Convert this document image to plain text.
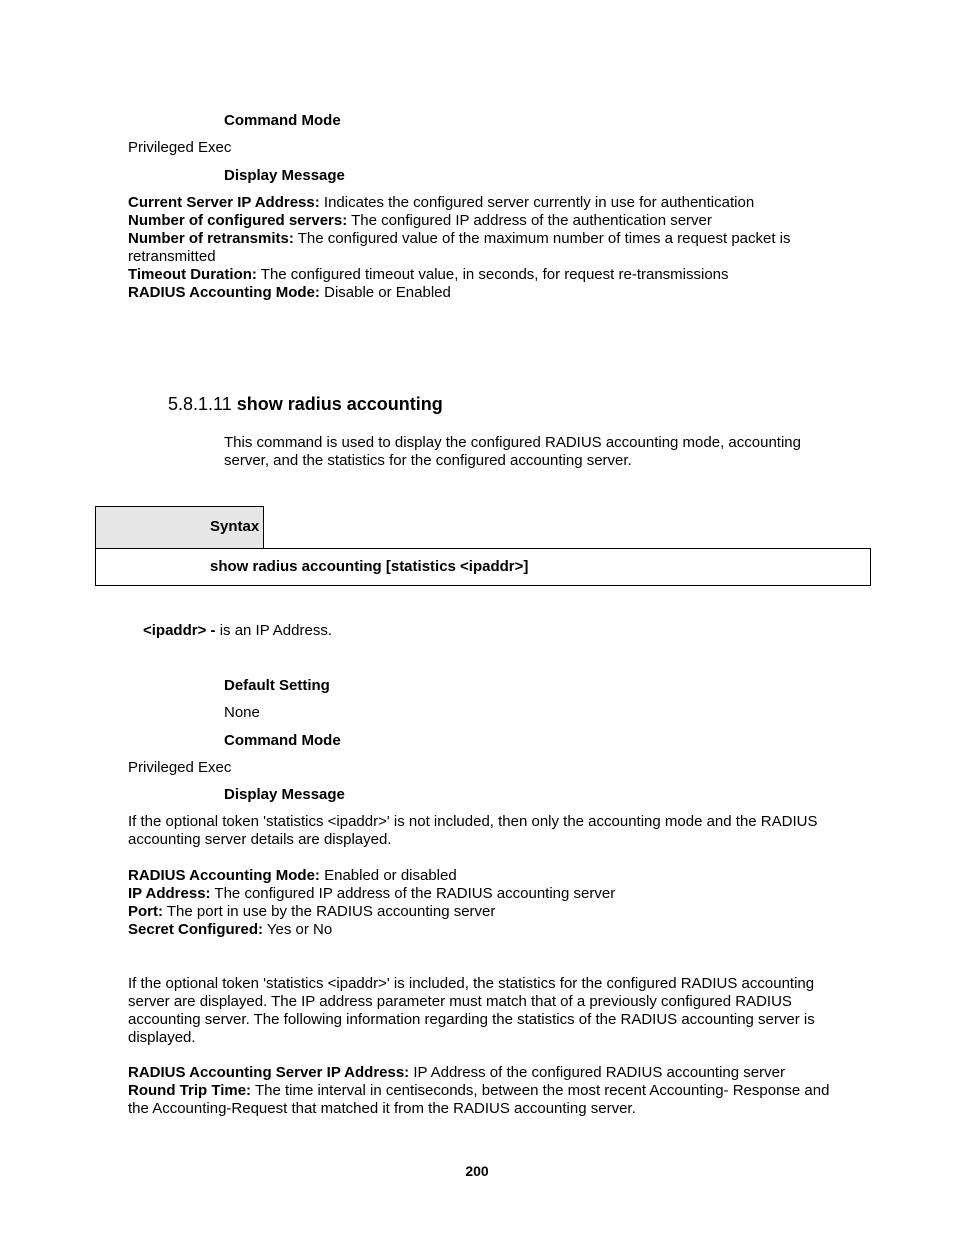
Command Mode
Privileged Exec
Display Message
Current Server IP Address: Indicates the configured server currently in use for authentication
Number of configured servers: The configured IP address of the authentication server
Number of retransmits: The configured value of the maximum number of times a request packet is
retransmitted
Timeout Duration: The configured timeout value, in seconds, for request re-transmissions
RADIUS Accounting Mode: Disable or Enabled
5.8.1.11 show radius accounting
This command is used to display the configured RADIUS accounting mode, accounting
server, and the statistics for the configured accounting server.
Syntax
show radius accounting [statistics <ipaddr>]
<ipaddr> - is an IP Address.
Default Setting
None
Command Mode
Privileged Exec
Display Message
If the optional token 'statistics <ipaddr>' is not included, then only the accounting mode and the RADIUS
accounting server details are displayed.
RADIUS Accounting Mode: Enabled or disabled
IP Address: The configured IP address of the RADIUS accounting server
Port: The port in use by the RADIUS accounting server
Secret Configured: Yes or No
If the optional token 'statistics <ipaddr>' is included, the statistics for the configured RADIUS accounting
server are displayed. The IP address parameter must match that of a previously configured RADIUS
accounting server. The following information regarding the statistics of the RADIUS accounting server is
displayed.
RADIUS Accounting Server IP Address: IP Address of the configured RADIUS accounting server
Round Trip Time: The time interval in centiseconds, between the most recent Accounting- Response and
the Accounting-Request that matched it from the RADIUS accounting server.
200
